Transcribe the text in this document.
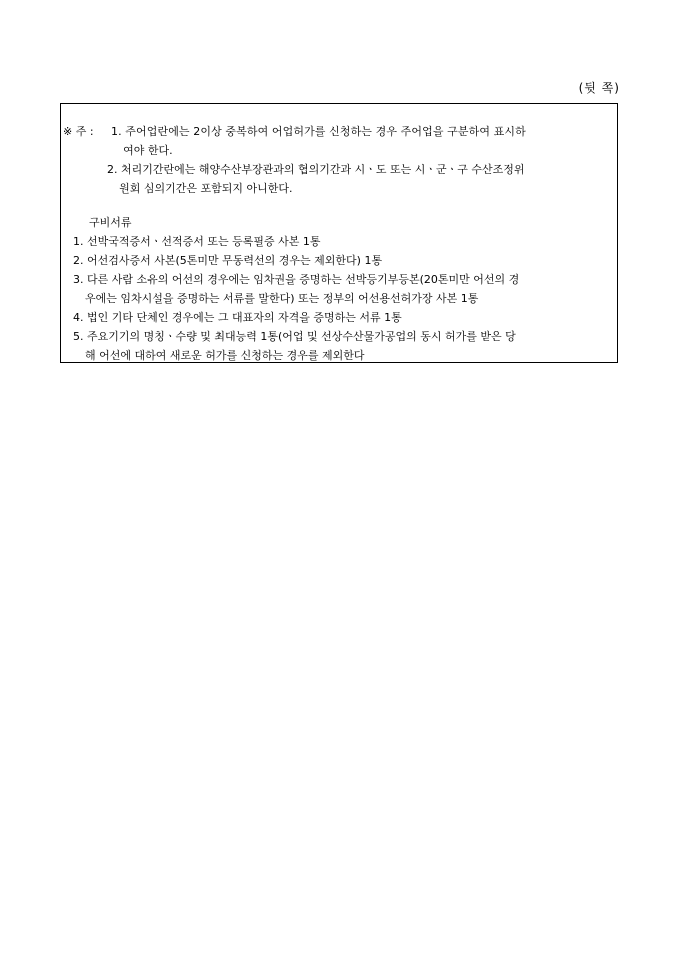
(뒷 쪽)
※ 주 : 1. 주어업란에는 2이상 중복하여 어업허가를 신청하는 경우 주어업을 구분하여 표시하
여야 한다.
2. 처리기간란에는 해양수산부장관과의 협의기간과 시ㆍ도 또는 시ㆍ군ㆍ구 수산조정위
원회 심의기간은 포함되지 아니한다.
구비서류
1. 선박국적증서ㆍ선적증서 또는 등록필증 사본 1통
2. 어선검사증서 사본(5톤미만 무동력선의 경우는 제외한다) 1통
3. 다른 사람 소유의 어선의 경우에는 임차권을 증명하는 선박등기부등본(20톤미만 어선의 경
우에는 임차시설을 증명하는 서류를 말한다) 또는 정부의 어선용선허가장 사본 1통
4. 법인 기타 단체인 경우에는 그 대표자의 자격을 증명하는 서류 1통
5. 주요기기의 명칭ㆍ수량 및 최대능력 1통(어업 및 선상수산물가공업의 동시 허가를 받은 당
해 어선에 대하여 새로운 허가를 신청하는 경우를 제외한다
